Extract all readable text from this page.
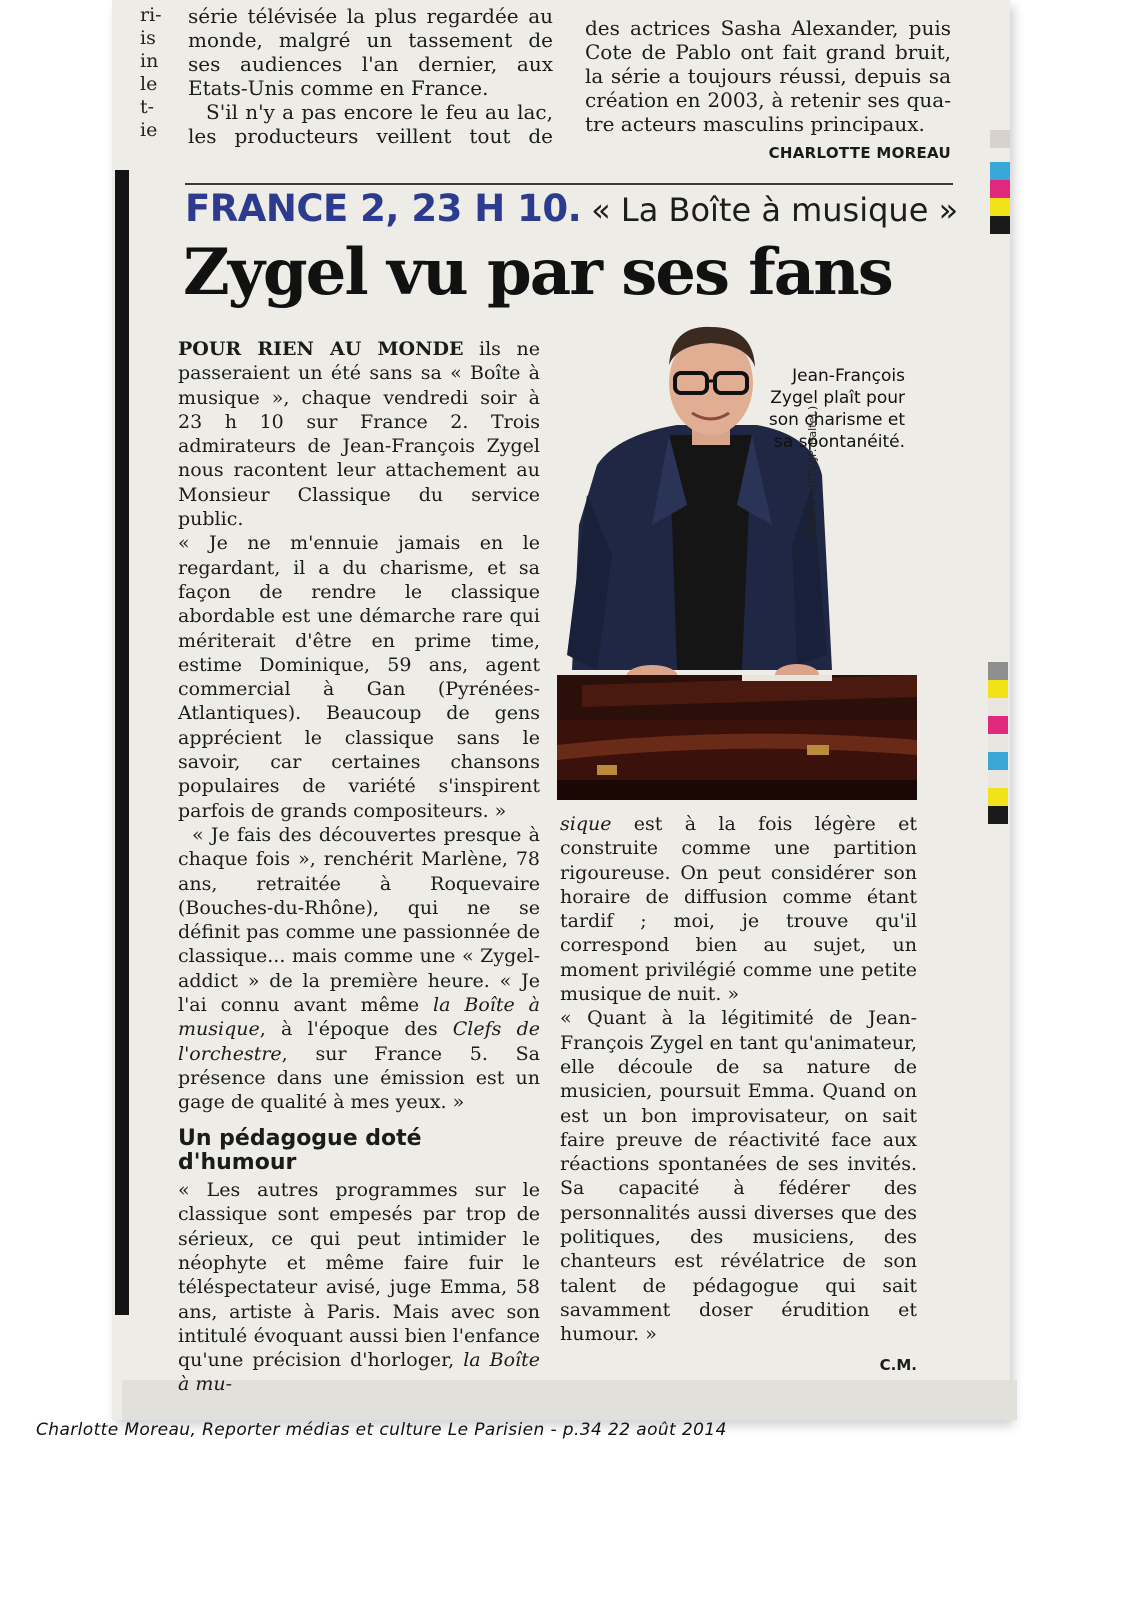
ri-
is
in
le
t-
ie
série télévisée la plus regardée au
monde, malgré un tassement de
ses audiences l'an dernier, aux
Etats-Unis comme en France.
S'il n'y a pas encore le feu au lac,
les producteurs veillent tout de
des actrices Sasha Alexander, puis
Cote de Pablo ont fait grand bruit,
la série a toujours réussi, depuis sa
création en 2003, à retenir ses qua-
tre acteurs masculins principaux.
CHARLOTTE MOREAU
FRANCE 2, 23 H 10. « La Boîte à musique »
Zygel vu par ses fans

POUR RIEN AU MONDE ils ne passeraient un été sans sa « Boîte à musique », chaque vendredi soir à 23 h 10 sur France 2. Trois admirateurs de Jean-François Zygel nous racontent leur attachement au Monsieur Classique du service public.

« Je ne m'ennuie jamais en le regardant, il a du charisme, et sa façon de rendre le classique abordable est une démarche rare qui mériterait d'être en prime time, estime Dominique, 59 ans, agent commercial à Gan (Pyrénées-Atlantiques). Beaucoup de gens apprécient le classique sans le savoir, car certaines chansons populaires de variété s'inspirent parfois de grands compositeurs. »

« Je fais des découvertes presque à chaque fois », renchérit Marlène, 78 ans, retraitée à Roquevaire (Bouches-du-Rhône), qui ne se définit pas comme une passionnée de classique... mais comme une « Zygel-addict » de la première heure. « Je l'ai connu avant même la Boîte à musique, à l'époque des Clefs de l'orchestre, sur France 5. Sa présence dans une émission est un gage de qualité à mes yeux. »

Un pédagogue doté d'humour

« Les autres programmes sur le classique sont empesés par trop de sérieux, ce qui peut intimider le néophyte et même faire fuir le téléspectateur avisé, juge Emma, 58 ans, artiste à Paris. Mais avec son intitulé évoquant aussi bien l'enfance qu'une précision d'horloger, la Boîte à mu-

(TéléParis/FTV/JP. Baltel.)
Jean-François Zygel plaît pour son charisme et sa spontanéité.

sique est à la fois légère et construite comme une partition rigoureuse. On peut considérer son horaire de diffusion comme étant tardif ; moi, je trouve qu'il correspond bien au sujet, un moment privilégié comme une petite musique de nuit. »

« Quant à la légitimité de Jean-François Zygel en tant qu'animateur, elle découle de sa nature de musicien, poursuit Emma. Quand on est un bon improvisateur, on sait faire preuve de réactivité face aux réactions spontanées de ses invités. Sa capacité à fédérer des personnalités aussi diverses que des politiques, des musiciens, des chanteurs est révélatrice de son talent de pédagogue qui sait savamment doser érudition et humour. »

C.M.

Charlotte Moreau, Reporter médias et culture Le Parisien - p.34 22 août 2014
